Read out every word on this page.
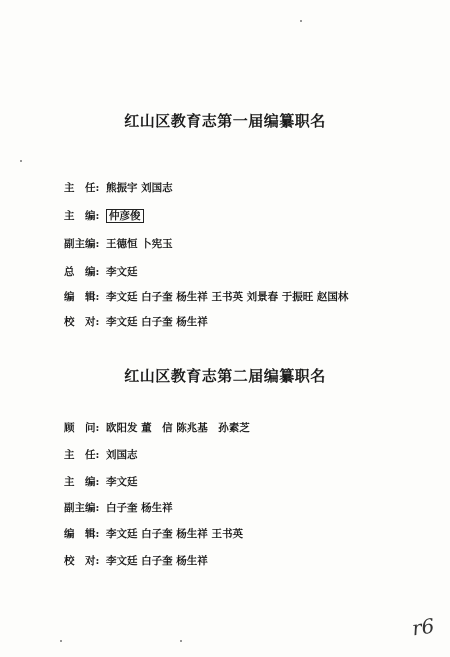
红山区教育志第一届编纂职名
主　任: 熊振宇 刘国志
主　编: 仲彦俊
副主编: 王德恒 卜宪玉
总　编: 李文廷
编　辑: 李文廷 白子奎 杨生祥 王书英 刘景春 于振旺 赵国林
校　对: 李文廷 白子奎 杨生祥
红山区教育志第二届编纂职名
顾　问: 欧阳发 董　信 陈兆基　孙素芝
主　任: 刘国志
主　编: 李文廷
副主编: 白子奎 杨生祥
编　辑: 李文廷 白子奎 杨生祥 王书英
校　对: 李文廷 白子奎 杨生祥
r6
